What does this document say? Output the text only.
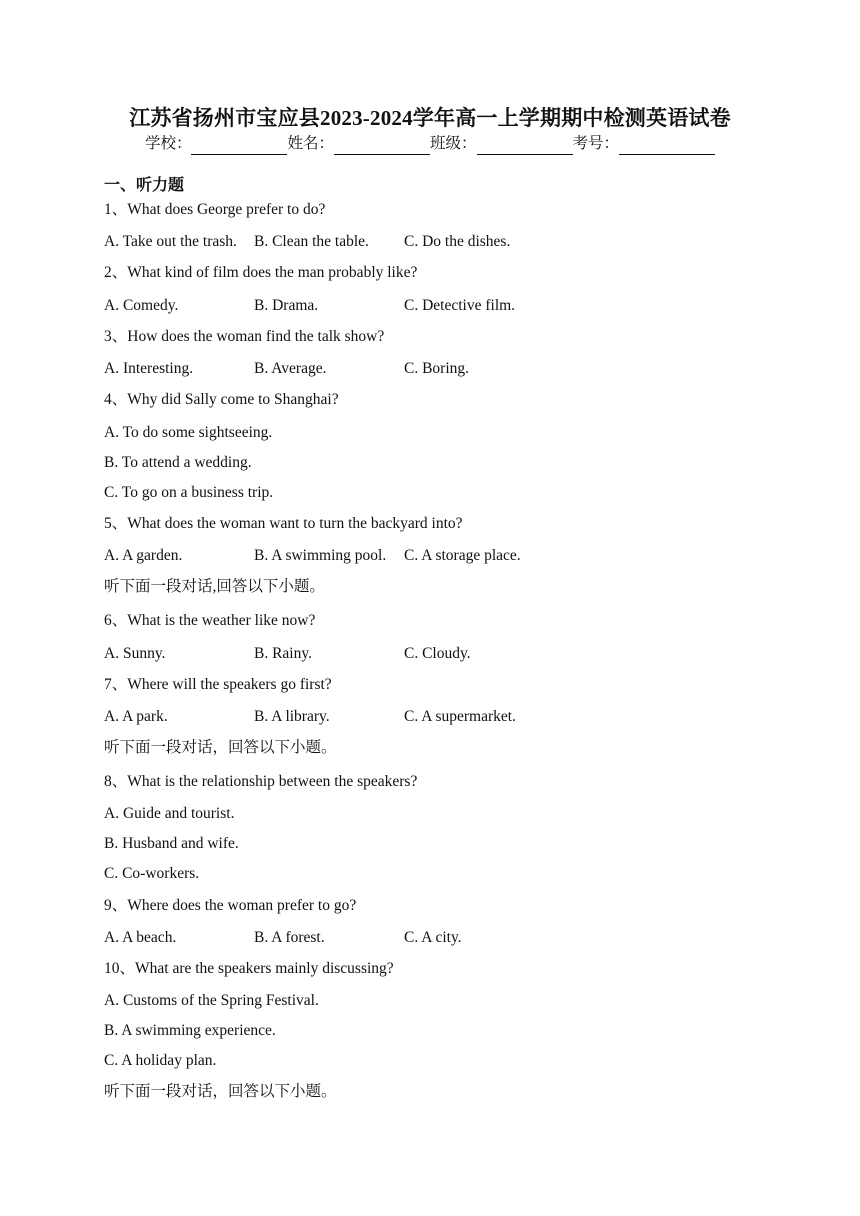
江苏省扬州市宝应县2023-2024学年高一上学期期中检测英语试卷
学校：	姓名：	班级：	考号：
一、听力题
1、What does George prefer to do?
A. Take out the trash. B. Clean the table. C. Do the dishes.
2、What kind of film does the man probably like?
A. Comedy.	B. Drama.	C. Detective film.
3、How does the woman find the talk show?
A. Interesting.	B. Average.	C. Boring.
4、Why did Sally come to Shanghai?
A. To do some sightseeing.
B. To attend a wedding.
C. To go on a business trip.
5、What does the woman want to turn the backyard into?
A. A garden.	B. A swimming pool. C. A storage place.
听下面一段对话,回答以下小题。
6、What is the weather like now?
A. Sunny.	B. Rainy.	C. Cloudy.
7、Where will the speakers go first?
A. A park.	B. A library.	C. A supermarket.
听下面一段对话，回答以下小题。
8、What is the relationship between the speakers?
A. Guide and tourist.
B. Husband and wife.
C. Co-workers.
9、Where does the woman prefer to go?
A. A beach.	B. A forest.	C. A city.
10、What are the speakers mainly discussing?
A. Customs of the Spring Festival.
B. A swimming experience.
C. A holiday plan.
听下面一段对话，回答以下小题。
